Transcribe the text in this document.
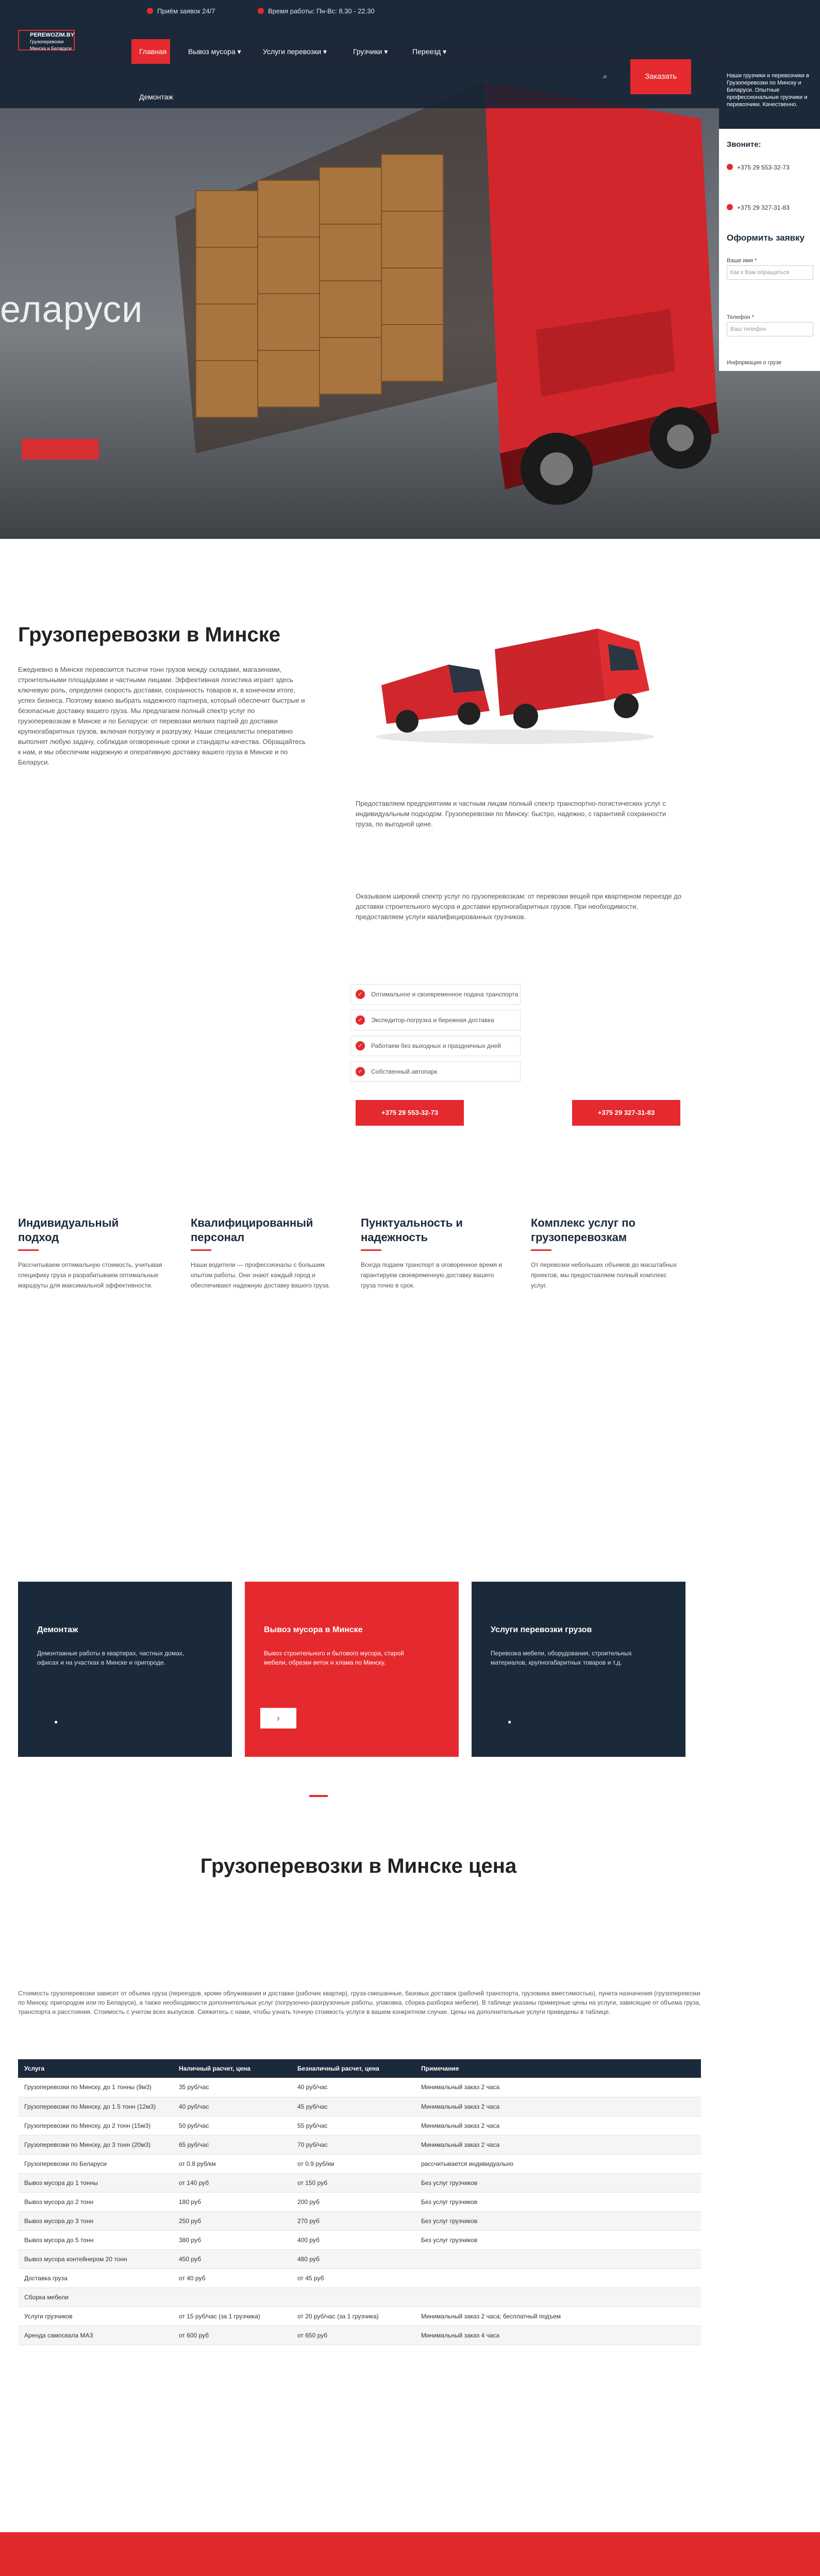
Приём заявок 24/7	Время работы: Пн-Вс: 8.30 - 22.30
еларуси
PEREWOZIM.BY
Грузоперевозки
Минска и Беларуси	Главная	Вывоз мусора ▾	Услуги перевозки ▾	Грузчики ▾	Переезд ▾
Демонтаж
⌕	Заказать	Наши грузчики и перевозчики в Грузоперевозки по Минску и Беларуси. Опытные профессиональные грузчики и перевозчики. Качественно.
Звоните:
+375 29 553-32-73
+375 29 327-31-83
Оформить заявку
Ваше имя *
Как к Вам обращаться
Телефон *
Ваш телефон
Информация о грузе
Грузоперевозки в Минске
Ежедневно в Минске перевозится тысячи тонн грузов между складами, магазинами, строительными площадками и частными лицами. Эффективная логистика играет здесь ключевую роль, определяя скорость доставки, сохранность товаров и, в конечном итоге, успех бизнеса. Поэтому важно выбрать надежного партнера, который обеспечит быстрые и безопасные доставку вашего груза. Мы предлагаем полный спектр услуг по грузоперевозкам в Минске и по Беларуси: от перевозки мелких партий до доставки крупногабаритных грузов, включая погрузку и разгрузку. Наши специалисты оперативно выполнят любую задачу, соблюдая оговоренные сроки и стандарты качества. Обращайтесь к нам, и мы обеспечим надежную и оперативную доставку вашего груза в Минске и по Беларуси.
Предоставляем предприятиям и частным лицам полный спектр транспортно-логистических услуг с индивидуальным подходом. Грузоперевозки по Минску: быстро, надежно, с гарантией сохранности груза, по выгодной цене.
Оказываем широкий спектр услуг по грузоперевозкам: от перевозки вещей при квартирном переезде до доставки строительного мусора и доставки крупногабаритных грузов. При необходимости, предоставляем услуги квалифицированных грузчиков.
✓	Оптимальное и своевременное подача транспорта
✓	Экспедитор-погрузка и бережная доставка
✓	Работаем без выходных и праздничных дней
✓	Собственный автопарк
+375 29 553-32-73	+375 29 327-31-83
Индивидуальный подход
Рассчитываем оптимальную стоимость, учитывая специфику груза и разрабатываем оптимальные маршруты для максимальной эффективности.
Квалифицированный персонал
Наши водители — профессионалы с большим опытом работы. Они знают каждый город и обеспечивают надежную доставку вашего груза.
Пунктуальность и надежность
Всегда подаем транспорт в оговоренное время и гарантируем своевременную доставку вашего груза точно в срок.
Комплекс услуг по грузоперевозкам
От перевозки небольших объемов до масштабных проектов, мы предоставляем полный комплекс услуг.
Демонтаж
Демонтажные работы в квартирах, частных домах, офисах и на участках в Минске и пригороде.
●
Вывоз мусора в Минске
Вывоз строительного и бытового мусора, старой мебели, обрезки веток и хлама по Минску.
›
Услуги перевозки грузов
Перевозка мебели, оборудования, строительных материалов, крупногабаритных товаров и т.д.
●
Грузоперевозки в Минске цена
Стоимость грузоперевозки зависит от объема груза (переездов, кроме облуживания и доставки (рабочих квартир), груза-смешанные, базовых доставок (рабочей транспорта, грузовика вместимостью), пункта назначения (грузоперевозки по Минску, пригородом или по Беларуси), а также необходимости дополнительных услуг (погрузочно-разгрузочные работы, упаковка, сборка-разборка мебели). В таблице указаны примерные цены на услуги, зависящие от объема груза, транспорта и расстояния. Стоимость с учетом всех выпусков. Свяжитесь с нами, чтобы узнать точную стоимость услуги в вашем конкретном случае. Цены на дополнительные услуги приведены в таблице.
Услуга	Наличный расчет, цена	Безналичный расчет, цена	Примечание
Грузоперевозки по Минску, до 1 тонны (9м3)	35 руб/час	40 руб/час	Минимальный заказ 2 часа
Грузоперевозки по Минску, до 1.5 тонн (12м3)	40 руб/час	45 руб/час	Минимальный заказ 2 часа
Грузоперевозки по Минску, до 2 тонн (15м3)	50 руб/час	55 руб/час	Минимальный заказ 2 часа
Грузоперевозки по Минску, до 3 тонн (20м3)	65 руб/час	70 руб/час	Минимальный заказ 2 часа
Грузоперевозки по Беларуси	от 0.8 руб/км	от 0.9 руб/км	рассчитывается индивидуально
Вывоз мусора до 1 тонны	от 140 руб	от 150 руб	Без услуг грузчиков
Вывоз мусора до 2 тонн	180 руб	200 руб	Без услуг грузчиков
Вывоз мусора до 3 тонн	250 руб	270 руб	Без услуг грузчиков
Вывоз мусора до 5 тонн	380 руб	400 руб	Без услуг грузчиков
Вывоз мусора контейнером 20 тонн	450 руб	480 руб	
Доставка груза	от 40 руб	от 45 руб	
Сборка мебели			
Услуги грузчиков	от 15 руб/час (за 1 грузчика)	от 20 руб/час (за 1 грузчика)	Минимальный заказ 2 часа; бесплатный подъем
Аренда самосвала МАЗ	от 600 руб	от 650 руб	Минимальный заказ 4 часа
